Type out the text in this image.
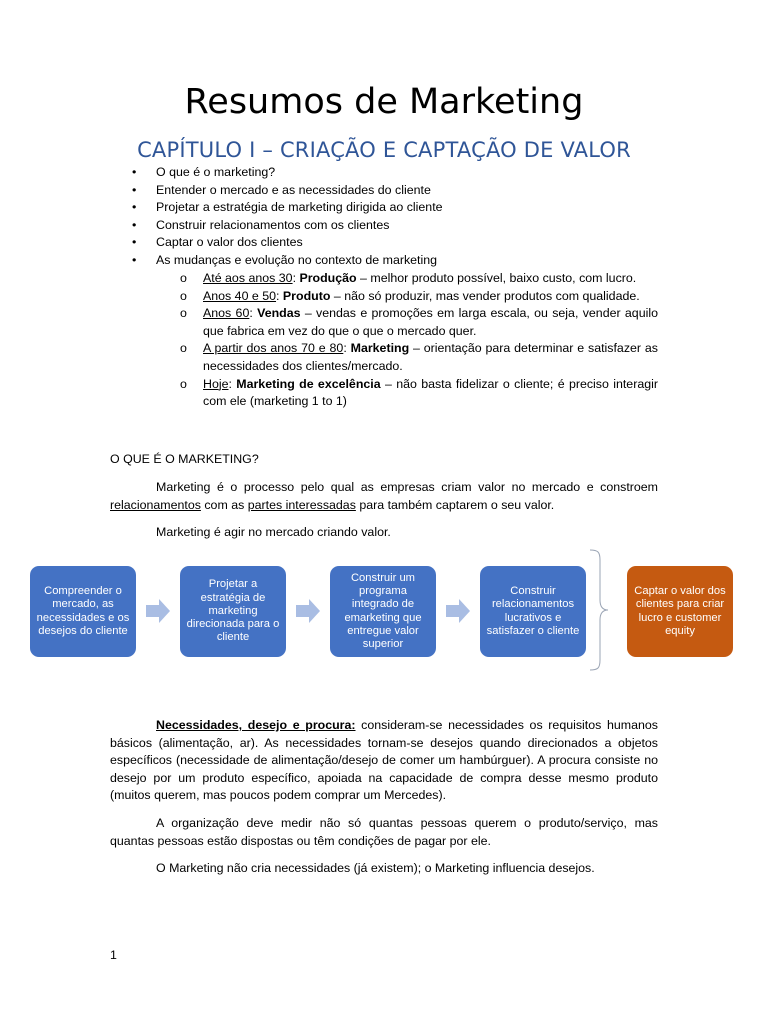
Resumos de Marketing
CAPÍTULO I – CRIAÇÃO E CAPTAÇÃO DE VALOR
• O que é o marketing?
• Entender o mercado e as necessidades do cliente
• Projetar a estratégia de marketing dirigida ao cliente
• Construir relacionamentos com os clientes
• Captar o valor dos clientes
• As mudanças e evolução no contexto de marketing
o Até aos anos 30: Produção – melhor produto possível, baixo custo, com lucro.
o Anos 40 e 50: Produto – não só produzir, mas vender produtos com qualidade.
o Anos 60: Vendas – vendas e promoções em larga escala, ou seja, vender aquilo que fabrica em vez do que o que o mercado quer.
o A partir dos anos 70 e 80: Marketing – orientação para determinar e satisfazer as necessidades dos clientes/mercado.
o Hoje: Marketing de excelência – não basta fidelizar o cliente; é preciso interagir com ele (marketing 1 to 1)
O QUE É O MARKETING?
Marketing é o processo pelo qual as empresas criam valor no mercado e constroem relacionamentos com as partes interessadas para também captarem o seu valor.
Marketing é agir no mercado criando valor.
Compreender o mercado, as necessidades e os desejos do cliente
Projetar a estratégia de marketing direcionada para o cliente
Construir um programa integrado de emarketing que entregue valor superior
Construir relacionamentos lucrativos e satisfazer o cliente
Captar o valor dos clientes para criar lucro e customer equity
Necessidades, desejo e procura: consideram-se necessidades os requisitos humanos básicos (alimentação, ar). As necessidades tornam-se desejos quando direcionados a objetos específicos (necessidade de alimentação/desejo de comer um hambúrguer). A procura consiste no desejo por um produto específico, apoiada na capacidade de compra desse mesmo produto (muitos querem, mas poucos podem comprar um Mercedes).
A organização deve medir não só quantas pessoas querem o produto/serviço, mas quantas pessoas estão dispostas ou têm condições de pagar por ele.
O Marketing não cria necessidades (já existem); o Marketing influencia desejos.
1
